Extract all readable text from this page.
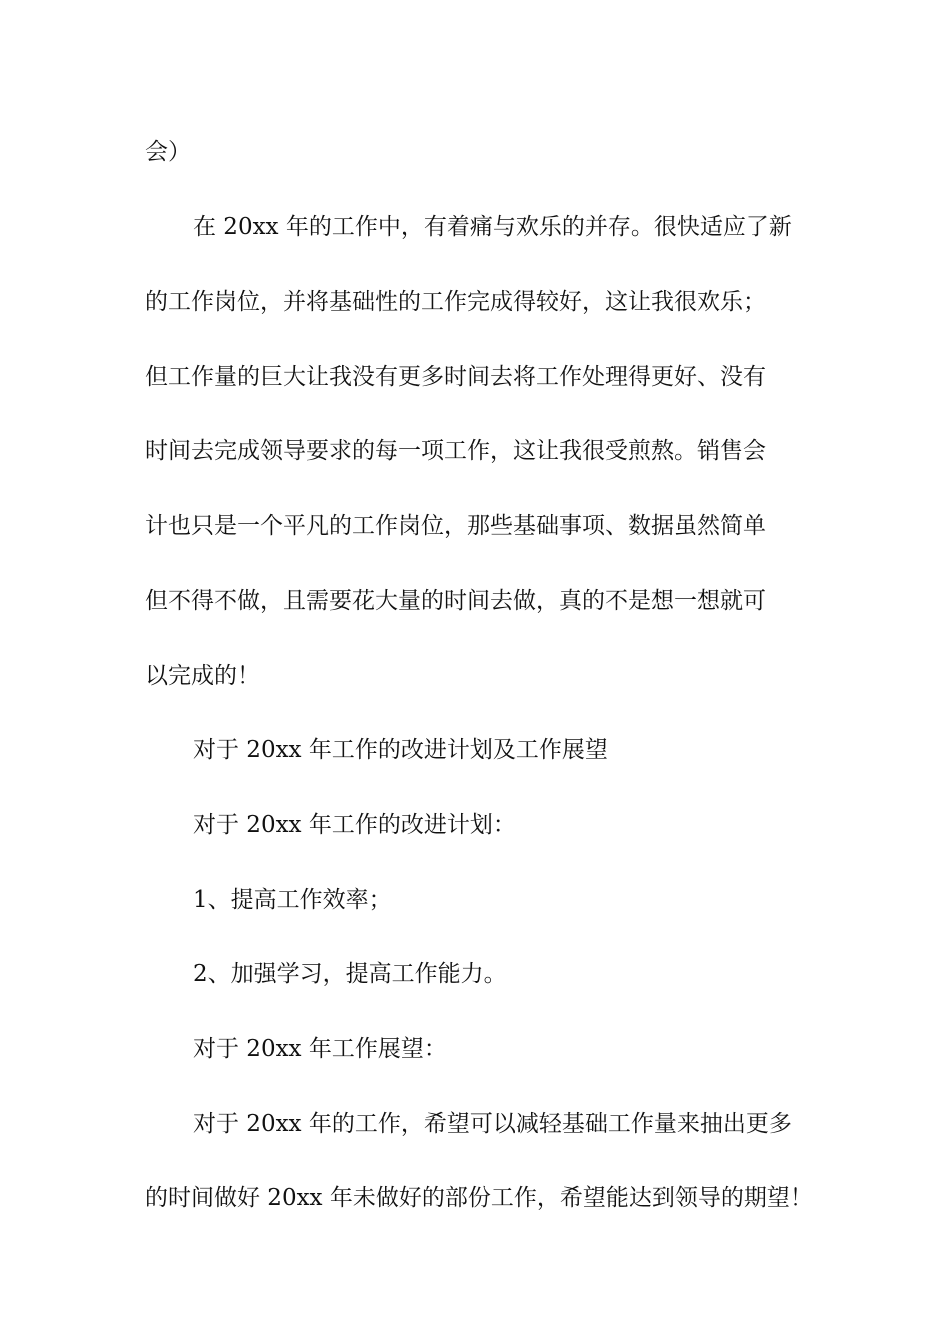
会）
在 20xx 年的工作中，有着痛与欢乐的并存。很快适应了新
的工作岗位，并将基础性的工作完成得较好，这让我很欢乐；
但工作量的巨大让我没有更多时间去将工作处理得更好、没有
时间去完成领导要求的每一项工作，这让我很受煎熬。销售会
计也只是一个平凡的工作岗位，那些基础事项、数据虽然简单
但不得不做，且需要花大量的时间去做，真的不是想一想就可
以完成的！
对于 20xx 年工作的改进计划及工作展望
对于 20xx 年工作的改进计划：
1、提高工作效率；
2、加强学习，提高工作能力。
对于 20xx 年工作展望：
对于 20xx 年的工作，希望可以减轻基础工作量来抽出更多
的时间做好 20xx 年未做好的部份工作，希望能达到领导的期望！
